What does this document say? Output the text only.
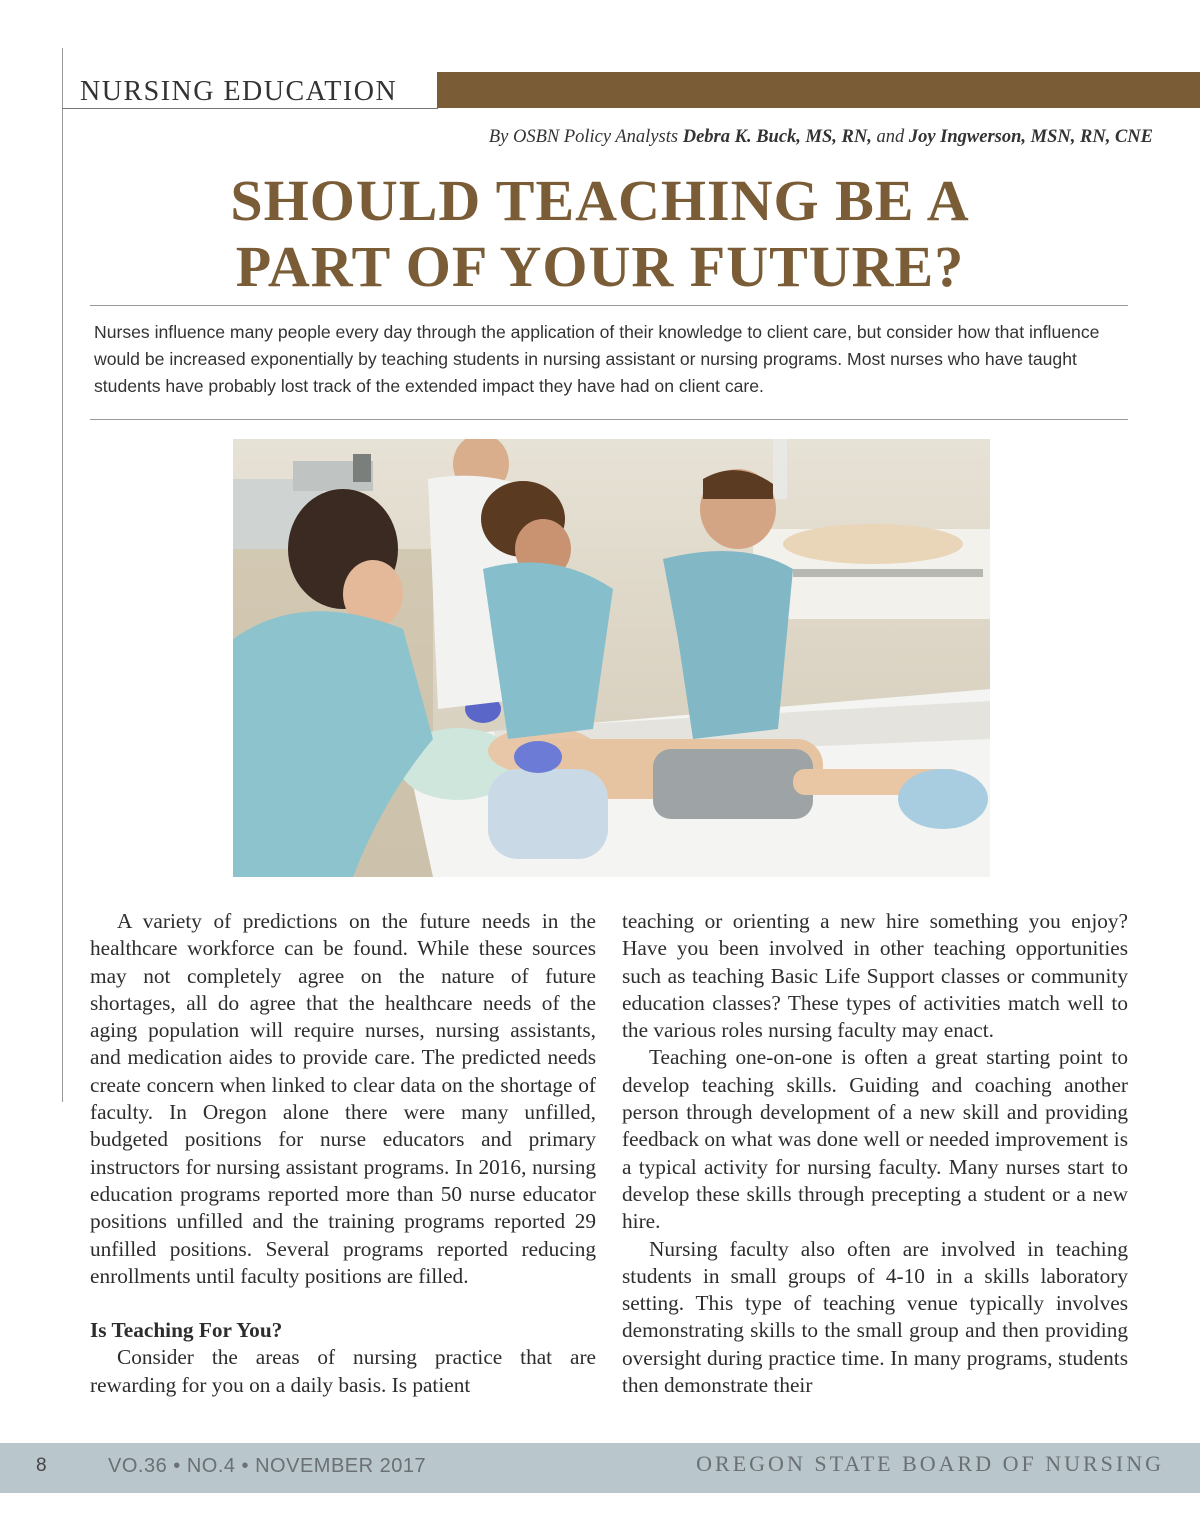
NURSING EDUCATION
By OSBN Policy Analysts Debra K. Buck, MS, RN, and Joy Ingwerson, MSN, RN, CNE
SHOULD TEACHING BE A
PART OF YOUR FUTURE?

Nurses influence many people every day through the application of their knowledge to client care, but consider how that influence would be increased exponentially by teaching students in nursing assistant or nursing programs. Most nurses who have taught students have probably lost track of the extended impact they have had on client care.

A variety of predictions on the future needs in the healthcare workforce can be found. While these sources may not completely agree on the nature of future shortages, all do agree that the healthcare needs of the aging population will require nurses, nursing assistants, and medication aides to provide care. The predicted needs create concern when linked to clear data on the shortage of faculty. In Oregon alone there were many unfilled, budgeted positions for nurse educators and primary instructors for nursing assistant programs. In 2016, nursing education programs reported more than 50 nurse educator positions unfilled and the training programs reported 29 unfilled positions. Several programs reported reducing enrollments until faculty positions are filled.

Is Teaching For You?

Consider the areas of nursing practice that are rewarding for you on a daily basis. Is patient

teaching or orienting a new hire something you enjoy? Have you been involved in other teaching opportunities such as teaching Basic Life Support classes or community education classes? These types of activities match well to the various roles nursing faculty may enact.

Teaching one-on-one is often a great starting point to develop teaching skills. Guiding and coaching another person through development of a new skill and providing feedback on what was done well or needed improvement is a typical activity for nursing faculty. Many nurses start to develop these skills through precepting a student or a new hire.

Nursing faculty also often are involved in teaching students in small groups of 4-10 in a skills laboratory setting. This type of teaching venue typically involves demonstrating skills to the small group and then providing oversight during practice time. In many programs, students then demonstrate their

8	VO.36 • NO.4 • NOVEMBER 2017	OREGON STATE BOARD OF NURSING
